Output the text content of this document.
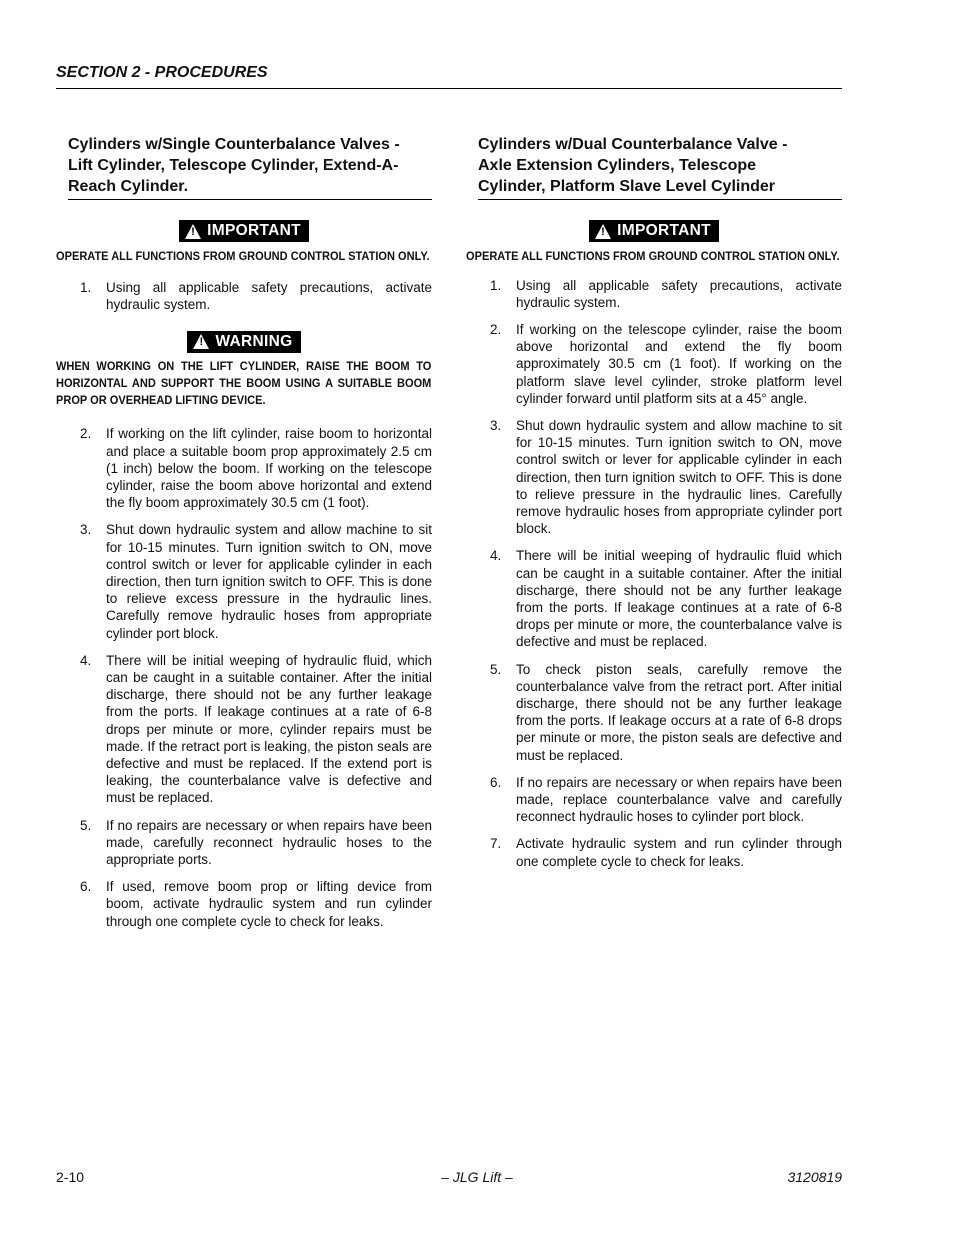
SECTION 2 - PROCEDURES
Cylinders w/Single Counterbalance Valves -
Lift Cylinder, Telescope Cylinder, Extend-A-
Reach Cylinder.
!
IMPORTANT
OPERATE ALL FUNCTIONS FROM GROUND CONTROL STATION ONLY.
1. Using all applicable safety precautions, activate hydraulic system.
!
WARNING
WHEN WORKING ON THE LIFT CYLINDER, RAISE THE BOOM TO HORIZONTAL AND SUPPORT THE BOOM USING A SUITABLE BOOM PROP OR OVERHEAD LIFTING DEVICE.
2. If working on the lift cylinder, raise boom to horizontal and place a suitable boom prop approximately 2.5 cm (1 inch) below the boom. If working on the telescope cylinder, raise the boom above horizontal and extend the fly boom approximately 30.5 cm (1 foot).
3. Shut down hydraulic system and allow machine to sit for 10-15 minutes. Turn ignition switch to ON, move control switch or lever for applicable cylinder in each direction, then turn ignition switch to OFF. This is done to relieve excess pressure in the hydraulic lines. Carefully remove hydraulic hoses from appropriate cylinder port block.
4. There will be initial weeping of hydraulic fluid, which can be caught in a suitable container. After the initial discharge, there should not be any further leakage from the ports. If leakage continues at a rate of 6-8 drops per minute or more, cylinder repairs must be made. If the retract port is leaking, the piston seals are defective and must be replaced. If the extend port is leaking, the counterbalance valve is defective and must be replaced.
5. If no repairs are necessary or when repairs have been made, carefully reconnect hydraulic hoses to the appropriate ports.
6. If used, remove boom prop or lifting device from boom, activate hydraulic system and run cylinder through one complete cycle to check for leaks.
Cylinders w/Dual Counterbalance Valve -
Axle Extension Cylinders, Telescope
Cylinder, Platform Slave Level Cylinder
!
IMPORTANT
OPERATE ALL FUNCTIONS FROM GROUND CONTROL STATION ONLY.
1. Using all applicable safety precautions, activate hydraulic system.
2. If working on the telescope cylinder, raise the boom above horizontal and extend the fly boom approximately 30.5 cm (1 foot). If working on the platform slave level cylinder, stroke platform level cylinder forward until platform sits at a 45° angle.
3. Shut down hydraulic system and allow machine to sit for 10-15 minutes. Turn ignition switch to ON, move control switch or lever for applicable cylinder in each direction, then turn ignition switch to OFF. This is done to relieve pressure in the hydraulic lines. Carefully remove hydraulic hoses from appropriate cylinder port block.
4. There will be initial weeping of hydraulic fluid which can be caught in a suitable container. After the initial discharge, there should not be any further leakage from the ports. If leakage continues at a rate of 6-8 drops per minute or more, the counterbalance valve is defective and must be replaced.
5. To check piston seals, carefully remove the counterbalance valve from the retract port. After initial discharge, there should not be any further leakage from the ports. If leakage occurs at a rate of 6-8 drops per minute or more, the piston seals are defective and must be replaced.
6. If no repairs are necessary or when repairs have been made, replace counterbalance valve and carefully reconnect hydraulic hoses to cylinder port block.
7. Activate hydraulic system and run cylinder through one complete cycle to check for leaks.
2-10	– JLG Lift –	3120819
